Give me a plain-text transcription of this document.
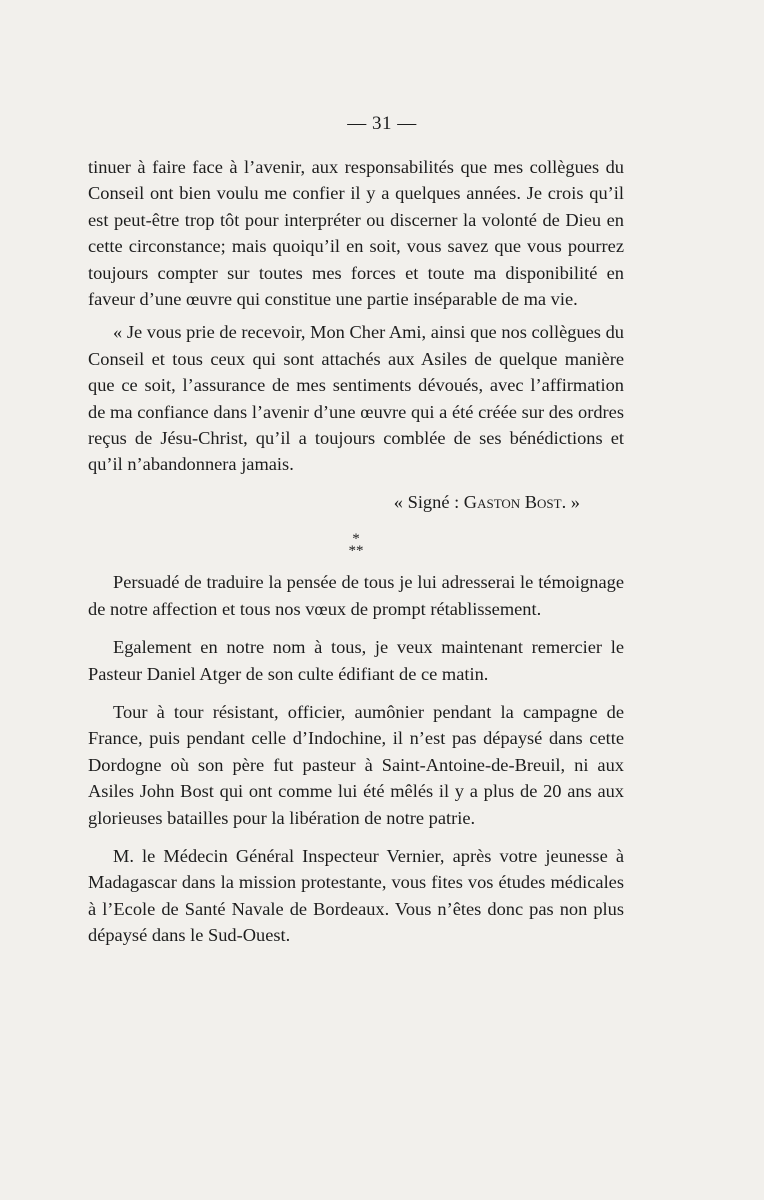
— 31 —

tinuer à faire face à l’avenir, aux responsabilités que mes collègues du Conseil ont bien voulu me confier il y a quelques années. Je crois qu’il est peut-être trop tôt pour interpréter ou discerner la volonté de Dieu en cette circonstance; mais quoiqu’il en soit, vous savez que vous pourrez toujours compter sur toutes mes forces et toute ma disponibilité en faveur d’une œuvre qui constitue une partie inséparable de ma vie.

« Je vous prie de recevoir, Mon Cher Ami, ainsi que nos collègues du Conseil et tous ceux qui sont attachés aux Asiles de quelque manière que ce soit, l’assurance de mes sentiments dévoués, avec l’affirmation de ma confiance dans l’avenir d’une œuvre qui a été créée sur des ordres reçus de Jésu-Christ, qu’il a toujours comblée de ses bénédictions et qu’il n’abandonnera jamais.

« Signé : Gaston Bost. »

*
**

Persuadé de traduire la pensée de tous je lui adresserai le témoignage de notre affection et tous nos vœux de prompt rétablissement.

Egalement en notre nom à tous, je veux maintenant remercier le Pasteur Daniel Atger de son culte édifiant de ce matin.

Tour à tour résistant, officier, aumônier pendant la campagne de France, puis pendant celle d’Indochine, il n’est pas dépaysé dans cette Dordogne où son père fut pasteur à Saint-Antoine-de-Breuil, ni aux Asiles John Bost qui ont comme lui été mêlés il y a plus de 20 ans aux glorieuses batailles pour la libération de notre patrie.

M. le Médecin Général Inspecteur Vernier, après votre jeunesse à Madagascar dans la mission protestante, vous fites vos études médicales à l’Ecole de Santé Navale de Bordeaux. Vous n’êtes donc pas non plus dépaysé dans le Sud-Ouest.
